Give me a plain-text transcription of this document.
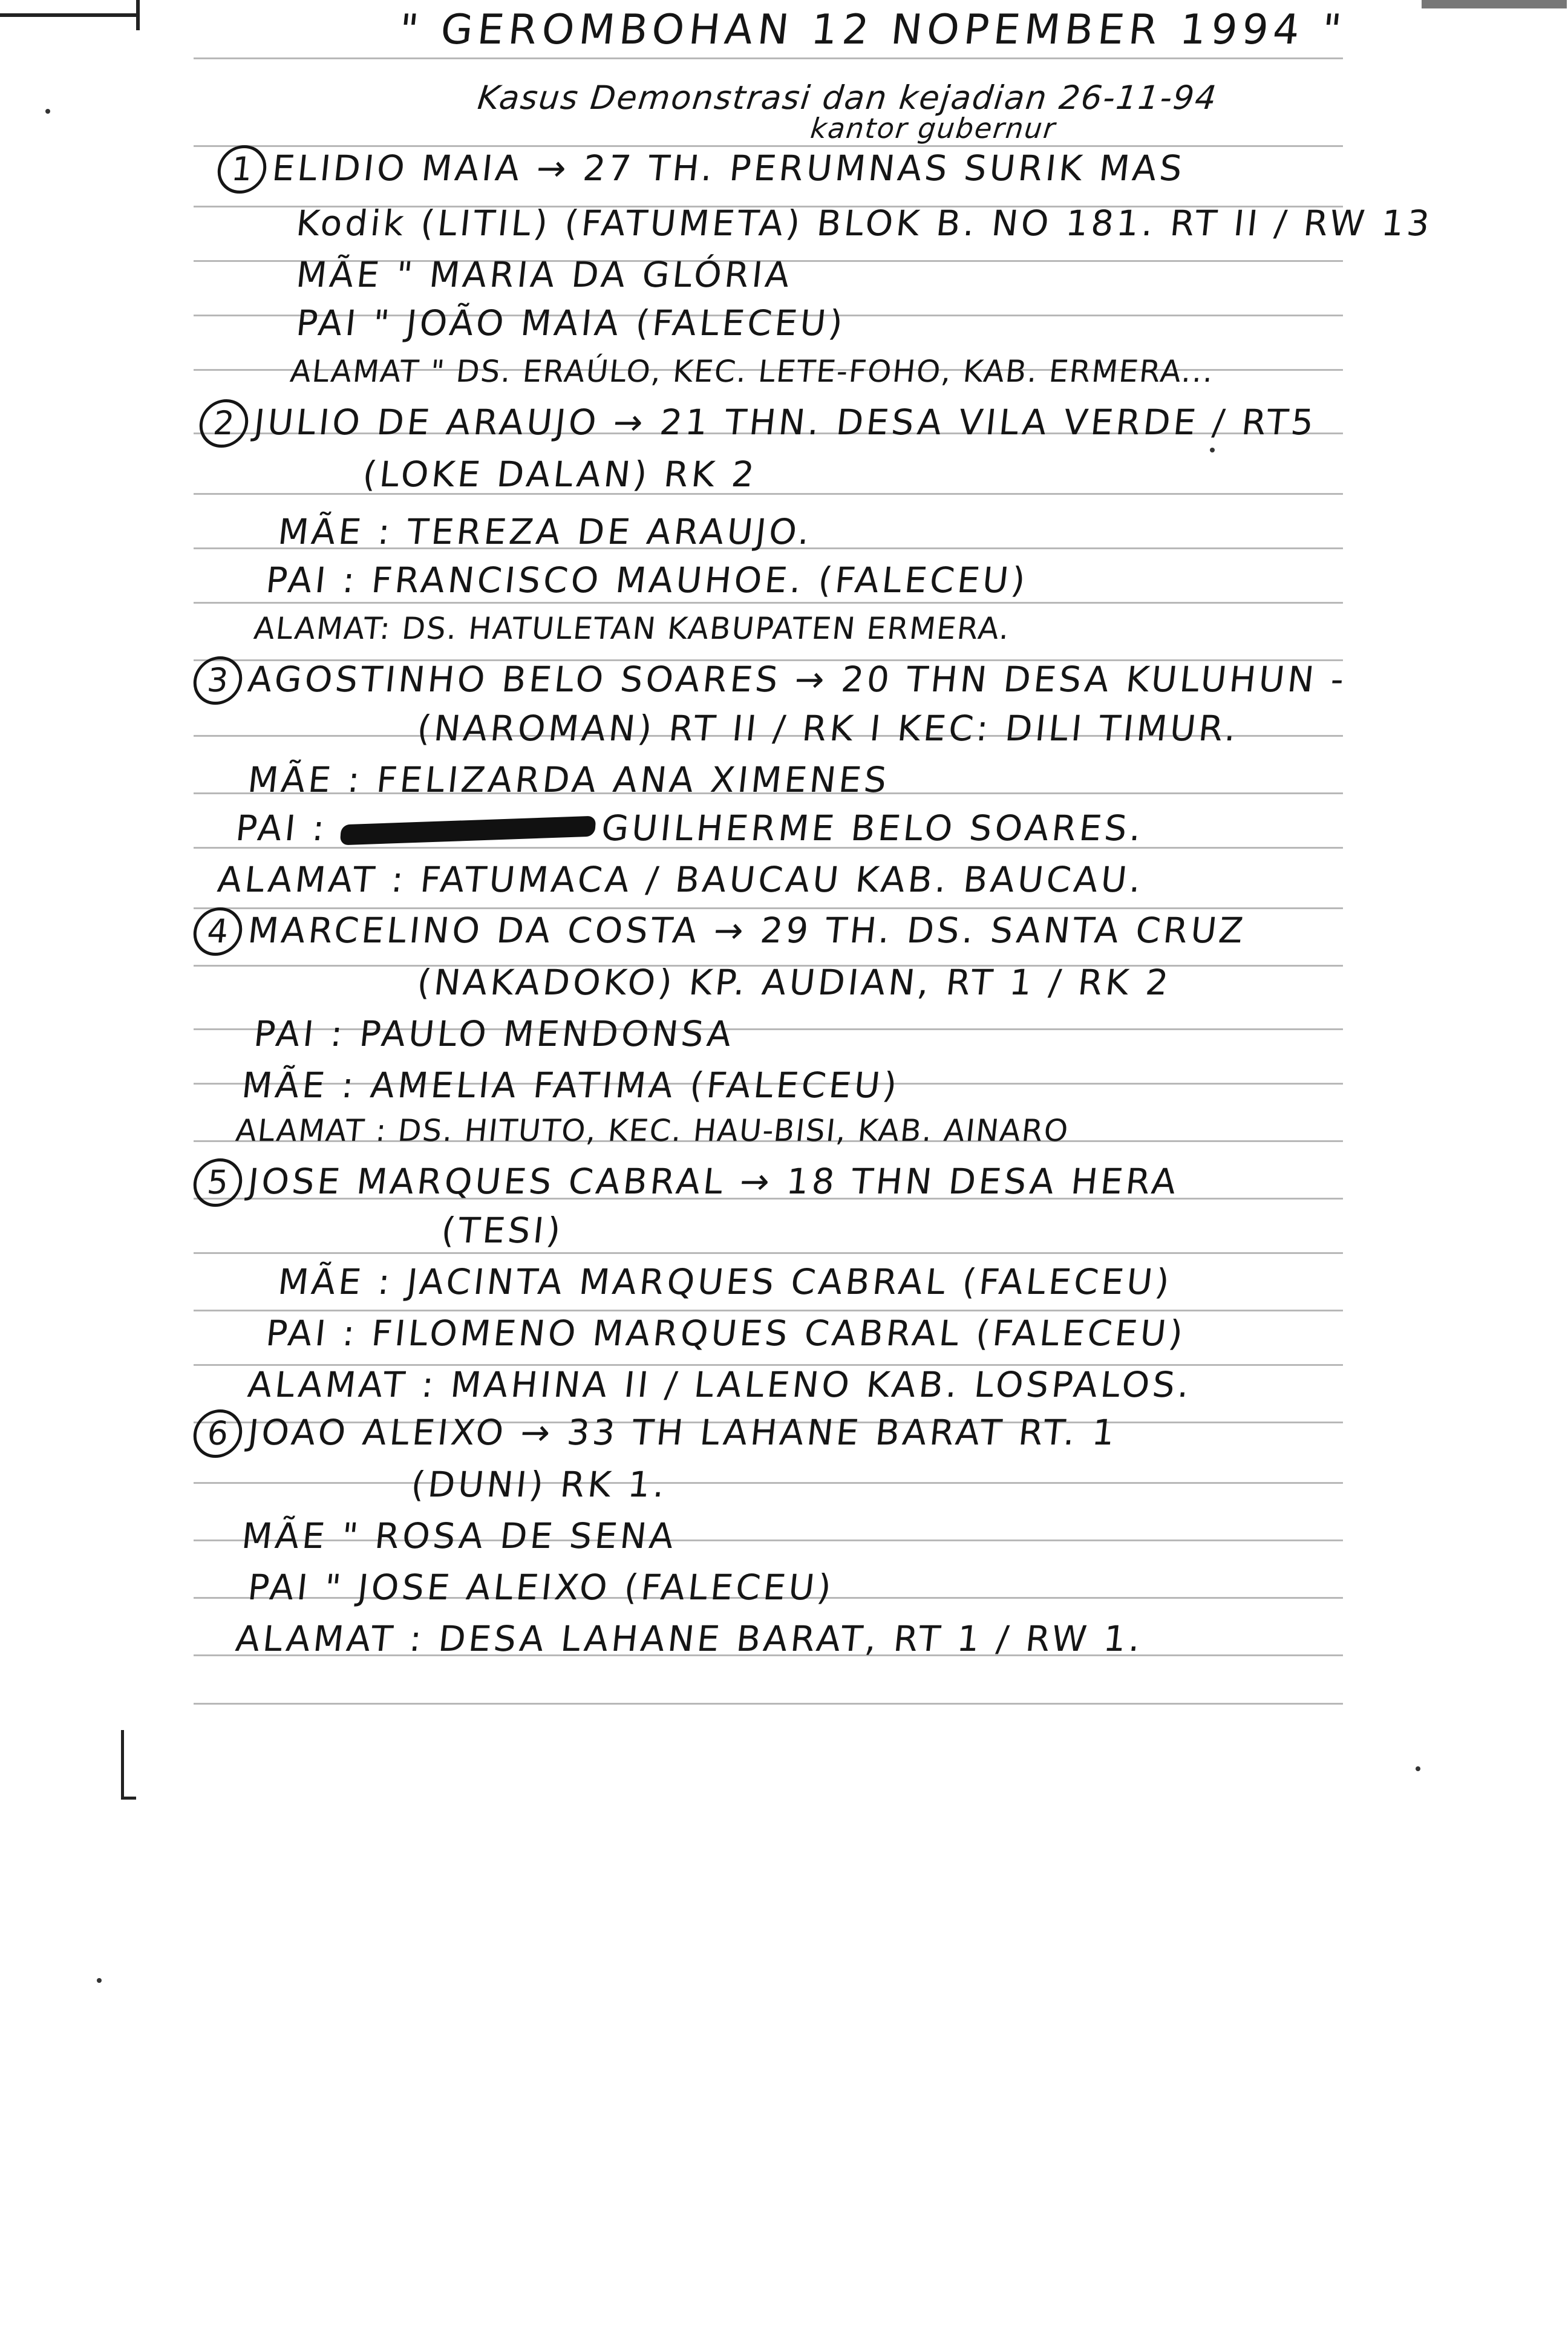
" GEROMBOHAN 12 NOPEMBER 1994 "
Kasus Demonstrasi dan kejadian 26-11-94
kantor gubernur
1 ELIDIO MAIA → 27 TH. PERUMNAS SURIK MAS
Kodik (LITIL) (FATUMETA) BLOK B. NO 181. RT II / RW 13
MÃE " MARIA DA GLÓRIA
PAI " JOÃO MAIA (FALECEU)
ALAMAT " DS. ERAÚLO, KEC. LETE-FOHO, KAB. ERMERA...
2 JULIO DE ARAUJO → 21 THN. DESA VILA VERDE / RT5
(LOKE DALAN) RK 2
MÃE : TEREZA DE ARAUJO.
PAI : FRANCISCO MAUHOE. (FALECEU)
ALAMAT: DS. HATULETAN KABUPATEN ERMERA.
3 AGOSTINHO BELO SOARES → 20 THN DESA KULUHUN -
(NAROMAN) RT II / RK I KEC: DILI TIMUR.
MÃE : FELIZARDA ANA XIMENES
PAI :	GUILHERME BELO SOARES.
ALAMAT : FATUMACA / BAUCAU KAB. BAUCAU.
4 MARCELINO DA COSTA → 29 TH. DS. SANTA CRUZ
(NAKADOKO) KP. AUDIAN, RT 1 / RK 2
PAI : PAULO MENDONSA
MÃE : AMELIA FATIMA (FALECEU)
ALAMAT : DS. HITUTO, KEC. HAU-BISI, KAB. AINARO
5 JOSE MARQUES CABRAL → 18 THN DESA HERA
(TESI)
MÃE : JACINTA MARQUES CABRAL (FALECEU)
PAI : FILOMENO MARQUES CABRAL (FALECEU)
ALAMAT : MAHINA II / LALENO KAB. LOSPALOS.
6 JOAO ALEIXO → 33 TH LAHANE BARAT RT. 1
(DUNI) RK 1.
MÃE " ROSA DE SENA
PAI " JOSE ALEIXO (FALECEU)
ALAMAT : DESA LAHANE BARAT, RT 1 / RW 1.
